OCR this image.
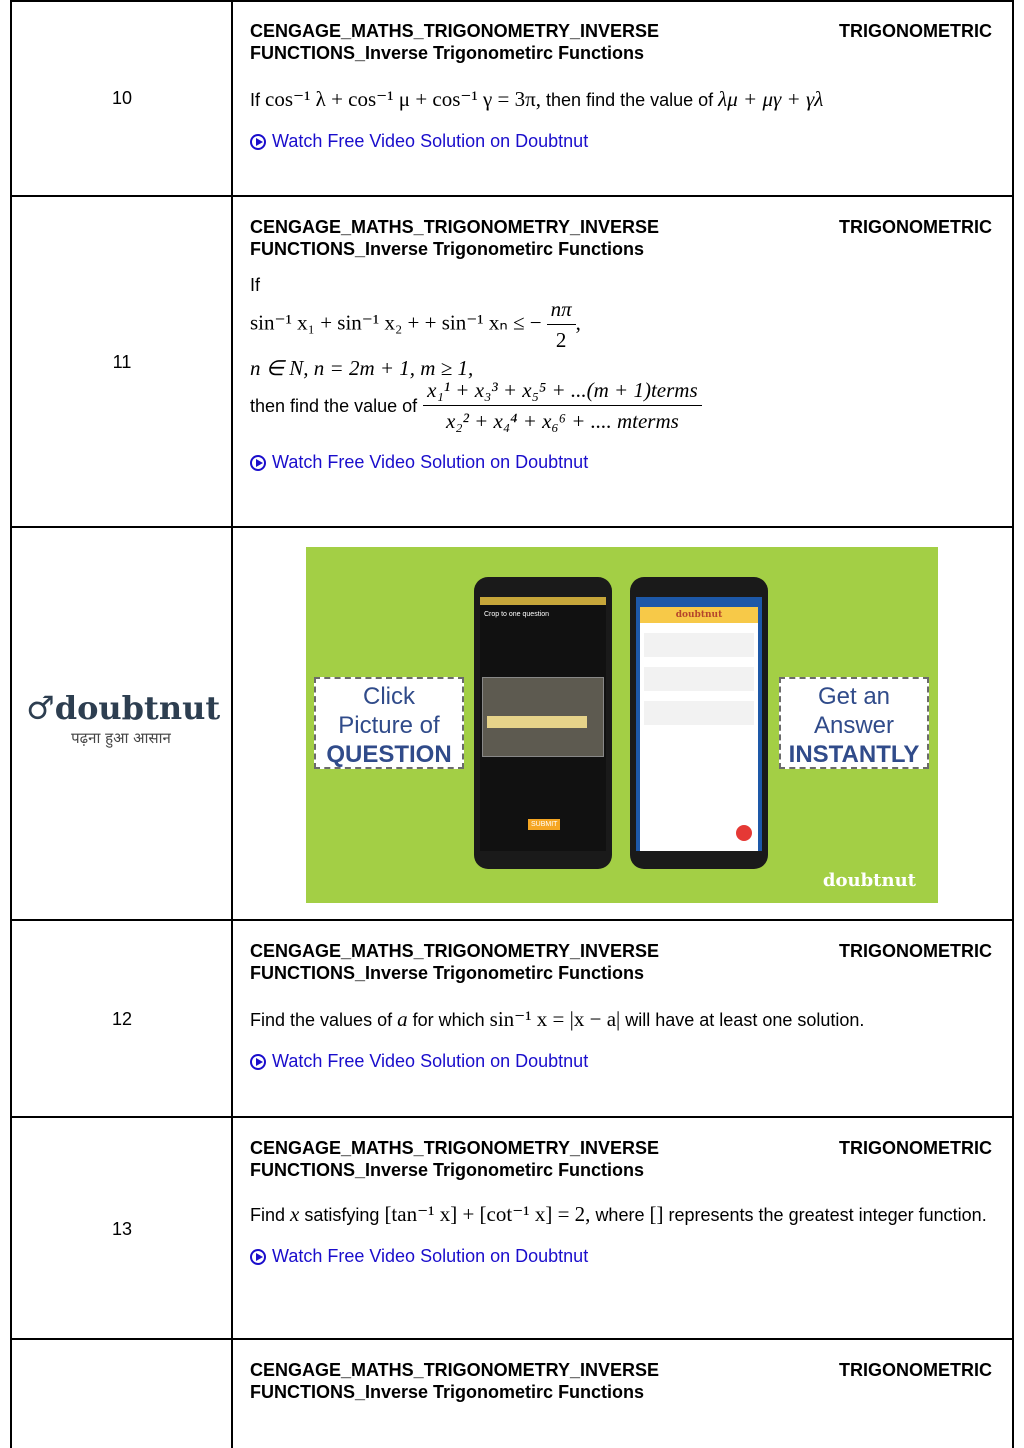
10
CENGAGE_MATHS_TRIGONOMETRY_INVERSE	TRIGONOMETRIC
FUNCTIONS_Inverse Trigonometirc Functions
If cos⁻¹ λ + cos⁻¹ μ + cos⁻¹ γ = 3π, then find the value of λμ + μγ + γλ
Watch Free Video Solution on Doubtnut
11
CENGAGE_MATHS_TRIGONOMETRY_INVERSE	TRIGONOMETRIC
FUNCTIONS_Inverse Trigonometirc Functions
If
sin⁻¹ x₁ + sin⁻¹ x₂ + + sin⁻¹ xₙ ≤ − $\frac{n\pi}{2}$ ,
n ∈ N, n = 2m + 1, m ≥ 1,
then find the value of $\frac{\text{x₁¹ + x₃³ + x₅⁵ + ...(m + 1)terms}}{\text{x₂² + x₄⁴ + x₆⁶ + .... mterms}}$
Watch Free Video Solution on Doubtnut
♂doubtnut
पढ़ना हुआ आसान
Click
Picture of
QUESTION
Get an
Answer
INSTANTLY
Crop to one question
SUBMIT
doubtnut
doubtnut
12
CENGAGE_MATHS_TRIGONOMETRY_INVERSE	TRIGONOMETRIC
FUNCTIONS_Inverse Trigonometirc Functions
Find the values of a for which sin⁻¹ x = |x − a| will have at least one solution.
Watch Free Video Solution on Doubtnut
13
CENGAGE_MATHS_TRIGONOMETRY_INVERSE	TRIGONOMETRIC
FUNCTIONS_Inverse Trigonometirc Functions
Find x satisfying [tan⁻¹ x] + [cot⁻¹ x] = 2, where [] represents the greatest integer function.
Watch Free Video Solution on Doubtnut
CENGAGE_MATHS_TRIGONOMETRY_INVERSE	TRIGONOMETRIC
FUNCTIONS_Inverse Trigonometirc Functions
